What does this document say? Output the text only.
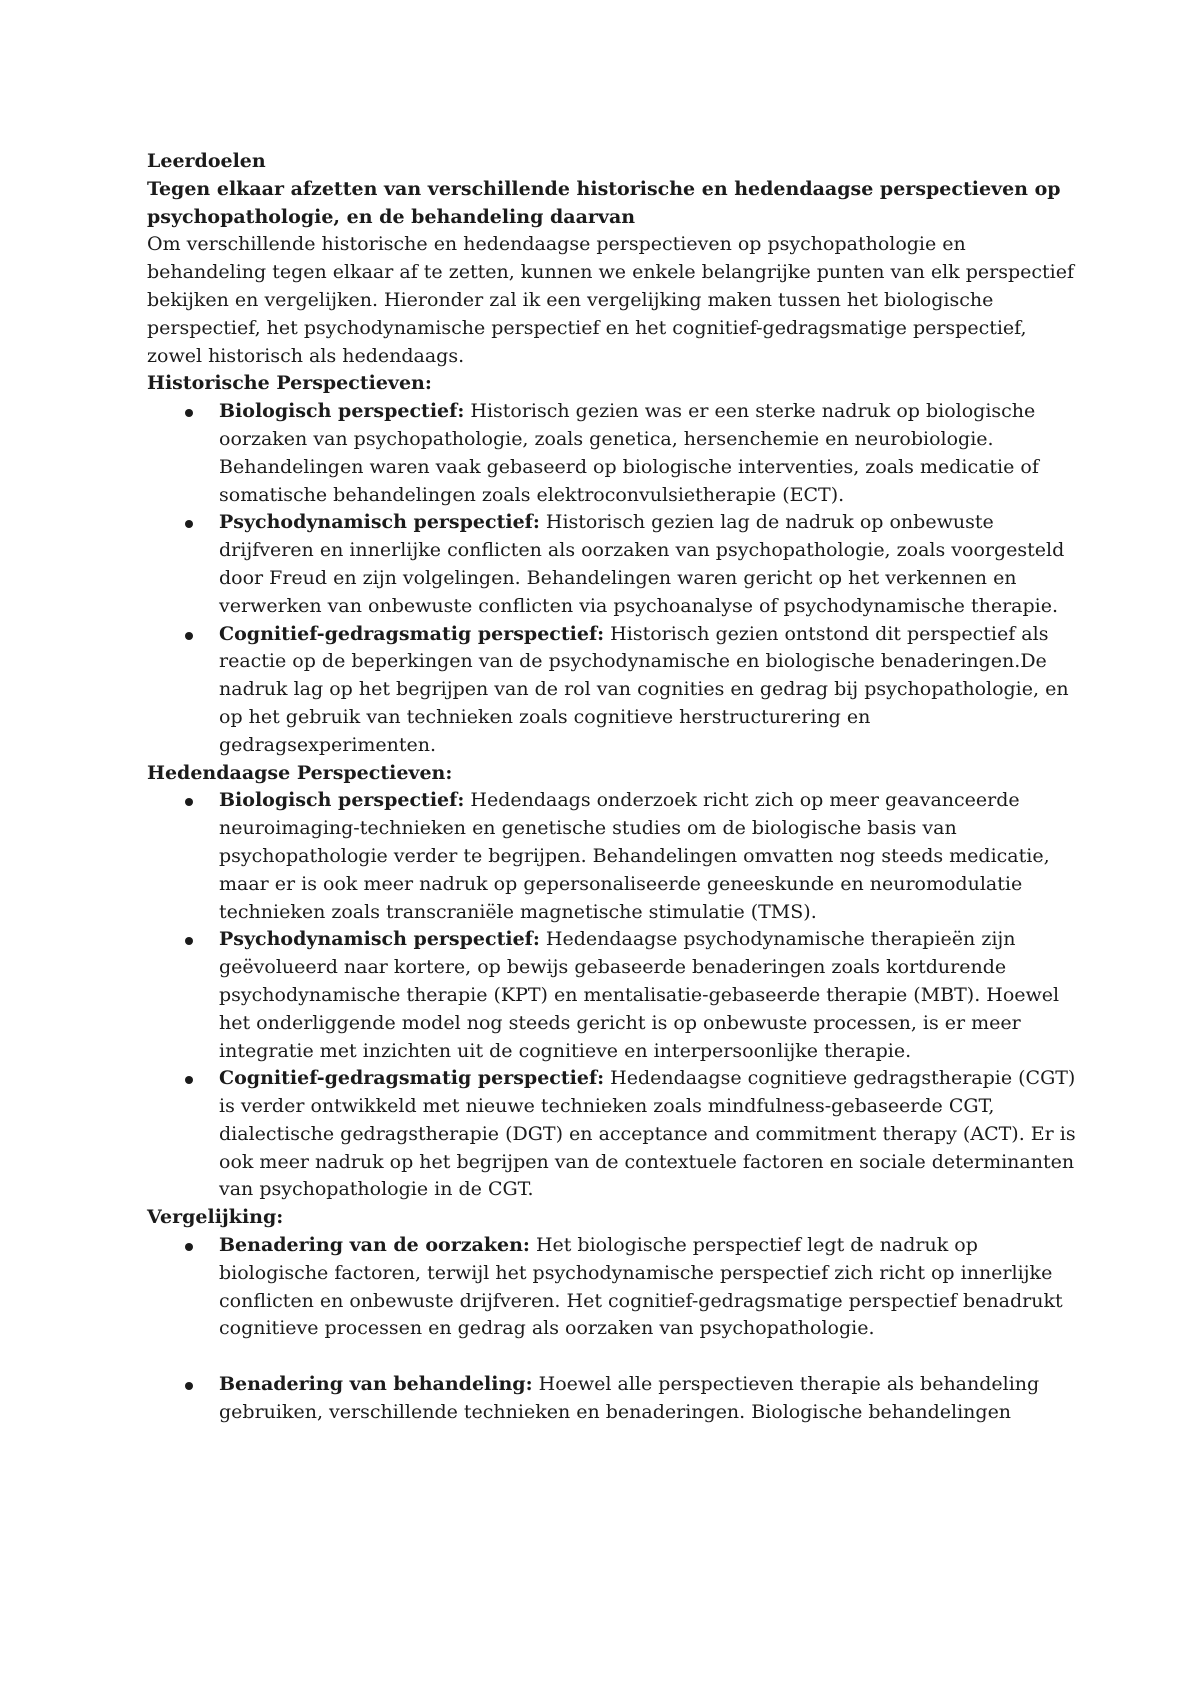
Leerdoelen

Tegen elkaar afzetten van verschillende historische en hedendaagse perspectieven op psychopathologie, en de behandeling daarvan

Om verschillende historische en hedendaagse perspectieven op psychopathologie en behandeling tegen elkaar af te zetten, kunnen we enkele belangrijke punten van elk perspectief bekijken en vergelijken. Hieronder zal ik een vergelijking maken tussen het biologische perspectief, het psychodynamische perspectief en het cognitief-gedragsmatige perspectief, zowel historisch als hedendaags.

Historische Perspectieven:

Biologisch perspectief: Historisch gezien was er een sterke nadruk op biologische oorzaken van psychopathologie, zoals genetica, hersenchemie en neurobiologie. Behandelingen waren vaak gebaseerd op biologische interventies, zoals medicatie of somatische behandelingen zoals elektroconvulsietherapie (ECT).
Psychodynamisch perspectief: Historisch gezien lag de nadruk op onbewuste drijfveren en innerlijke conflicten als oorzaken van psychopathologie, zoals voorgesteld door Freud en zijn volgelingen. Behandelingen waren gericht op het verkennen en verwerken van onbewuste conflicten via psychoanalyse of psychodynamische therapie.
Cognitief-gedragsmatig perspectief: Historisch gezien ontstond dit perspectief als reactie op de beperkingen van de psychodynamische en biologische benaderingen.De nadruk lag op het begrijpen van de rol van cognities en gedrag bij psychopathologie, en op het gebruik van technieken zoals cognitieve herstructurering en gedragsexperimenten.

Hedendaagse Perspectieven:

Biologisch perspectief: Hedendaags onderzoek richt zich op meer geavanceerde neuroimaging-technieken en genetische studies om de biologische basis van psychopathologie verder te begrijpen. Behandelingen omvatten nog steeds medicatie, maar er is ook meer nadruk op gepersonaliseerde geneeskunde en neuromodulatie technieken zoals transcraniële magnetische stimulatie (TMS).
Psychodynamisch perspectief: Hedendaagse psychodynamische therapieën zijn geëvolueerd naar kortere, op bewijs gebaseerde benaderingen zoals kortdurende psychodynamische therapie (KPT) en mentalisatie-gebaseerde therapie (MBT). Hoewel het onderliggende model nog steeds gericht is op onbewuste processen, is er meer integratie met inzichten uit de cognitieve en interpersoonlijke therapie.
Cognitief-gedragsmatig perspectief: Hedendaagse cognitieve gedragstherapie (CGT) is verder ontwikkeld met nieuwe technieken zoals mindfulness-gebaseerde CGT, dialectische gedragstherapie (DGT) en acceptance and commitment therapy (ACT). Er is ook meer nadruk op het begrijpen van de contextuele factoren en sociale determinanten van psychopathologie in de CGT.

Vergelijking:

Benadering van de oorzaken: Het biologische perspectief legt de nadruk op biologische factoren, terwijl het psychodynamische perspectief zich richt op innerlijke conflicten en onbewuste drijfveren. Het cognitief-gedragsmatige perspectief benadrukt cognitieve processen en gedrag als oorzaken van psychopathologie.
Benadering van behandeling: Hoewel alle perspectieven therapie als behandeling gebruiken, verschillende technieken en benaderingen. Biologische behandelingen
